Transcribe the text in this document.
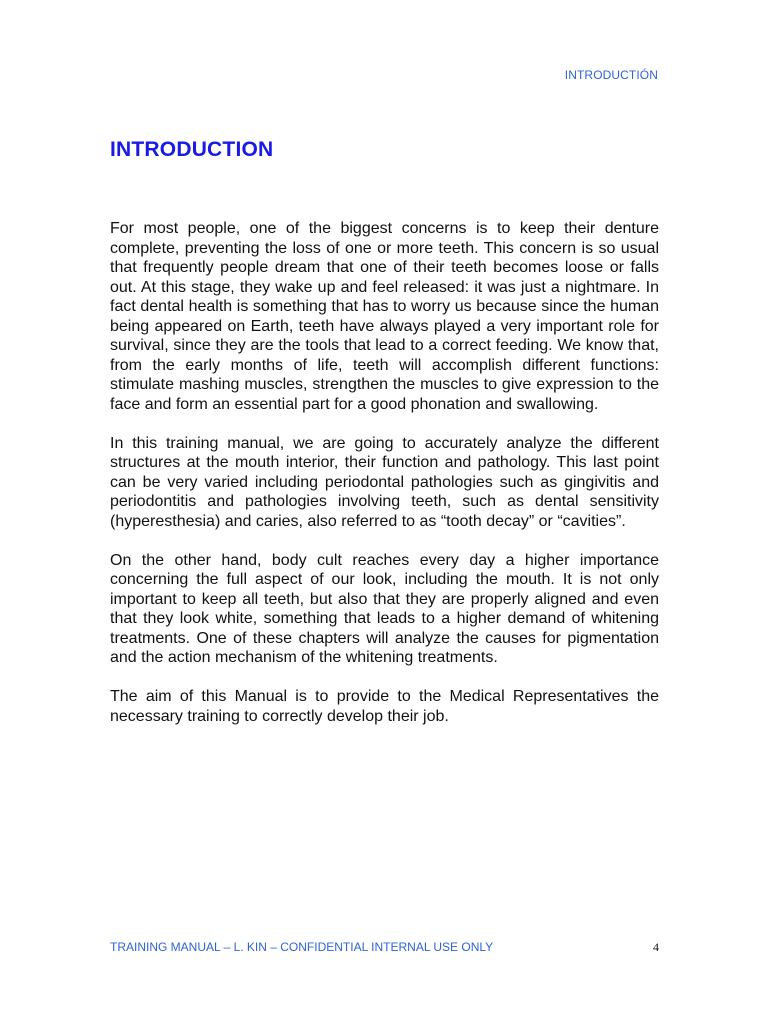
INTRODUCTIÓN
INTRODUCTION

For most people, one of the biggest concerns is to keep their denture complete, preventing the loss of one or more teeth. This concern is so usual that frequently people dream that one of their teeth becomes loose or falls out. At this stage, they wake up and feel released: it was just a nightmare. In fact dental health is something that has to worry us because since the human being appeared on Earth, teeth have always played a very important role for survival, since they are the tools that lead to a correct feeding. We know that, from the early months of life, teeth will accomplish different functions: stimulate mashing muscles, strengthen the muscles to give expression to the face and form an essential part for a good phonation and swallowing.

In this training manual, we are going to accurately analyze the different structures at the mouth interior, their function and pathology. This last point can be very varied including periodontal pathologies such as gingivitis and periodontitis and pathologies involving teeth, such as dental sensitivity (hyperesthesia) and caries, also referred to as “tooth decay” or “cavities”.

On the other hand, body cult reaches every day a higher importance concerning the full aspect of our look, including the mouth. It is not only important to keep all teeth, but also that they are properly aligned and even that they look white, something that leads to a higher demand of whitening treatments. One of these chapters will analyze the causes for pigmentation and the action mechanism of the whitening treatments.

The aim of this Manual is to provide to the Medical Representatives the necessary training to correctly develop their job.

TRAINING MANUAL – L. KIN – CONFIDENTIAL INTERNAL USE ONLY	4
